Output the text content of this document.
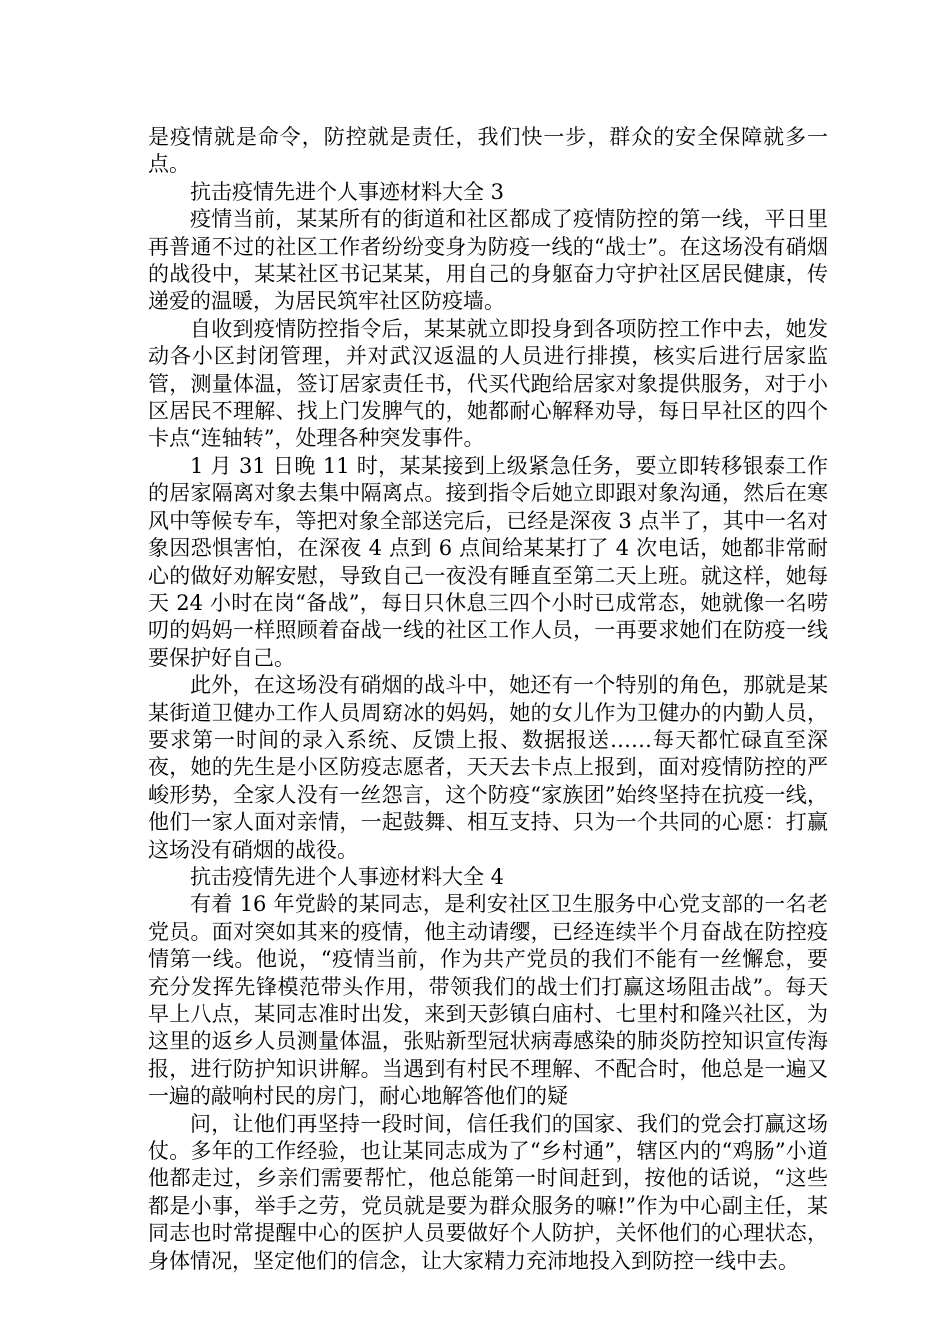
是疫情就是命令，防控就是责任，我们快一步，群众的安全保障就多一点。

抗击疫情先进个人事迹材料大全 3

疫情当前，某某所有的街道和社区都成了疫情防控的第一线，平日里再普通不过的社区工作者纷纷变身为防疫一线的“战士”。在这场没有硝烟的战役中，某某社区书记某某，用自己的身躯奋力守护社区居民健康，传递爱的温暖，为居民筑牢社区防疫墙。

自收到疫情防控指令后，某某就立即投身到各项防控工作中去，她发动各小区封闭管理，并对武汉返温的人员进行排摸，核实后进行居家监管，测量体温，签订居家责任书，代买代跑给居家对象提供服务，对于小区居民不理解、找上门发脾气的，她都耐心解释劝导，每日早社区的四个卡点“连轴转”，处理各种突发事件。

1 月 31 日晚 11 时，某某接到上级紧急任务，要立即转移银泰工作的居家隔离对象去集中隔离点。接到指令后她立即跟对象沟通，然后在寒风中等候专车，等把对象全部送完后，已经是深夜 3 点半了，其中一名对象因恐惧害怕，在深夜 4 点到 6 点间给某某打了 4 次电话，她都非常耐心的做好劝解安慰，导致自己一夜没有睡直至第二天上班。就这样，她每天 24 小时在岗“备战”，每日只休息三四个小时已成常态，她就像一名唠叨的妈妈一样照顾着奋战一线的社区工作人员，一再要求她们在防疫一线要保护好自己。

此外，在这场没有硝烟的战斗中，她还有一个特别的角色，那就是某某街道卫健办工作人员周窈冰的妈妈，她的女儿作为卫健办的内勤人员，要求第一时间的录入系统、反馈上报、数据报送……每天都忙碌直至深夜，她的先生是小区防疫志愿者，天天去卡点上报到，面对疫情防控的严峻形势，全家人没有一丝怨言，这个防疫“家族团”始终坚持在抗疫一线，他们一家人面对亲情，一起鼓舞、相互支持、只为一个共同的心愿：打赢这场没有硝烟的战役。

抗击疫情先进个人事迹材料大全 4

有着 16 年党龄的某同志，是利安社区卫生服务中心党支部的一名老党员。面对突如其来的疫情，他主动请缨，已经连续半个月奋战在防控疫情第一线。他说，“疫情当前，作为共产党员的我们不能有一丝懈怠，要充分发挥先锋模范带头作用，带领我们的战士们打赢这场阻击战”。每天早上八点，某同志准时出发，来到天彭镇白庙村、七里村和隆兴社区，为这里的返乡人员测量体温，张贴新型冠状病毒感染的肺炎防控知识宣传海报，进行防护知识讲解。当遇到有村民不理解、不配合时，他总是一遍又一遍的敲响村民的房门，耐心地解答他们的疑

问，让他们再坚持一段时间，信任我们的国家、我们的党会打赢这场仗。多年的工作经验，也让某同志成为了“乡村通”，辖区内的“鸡肠”小道他都走过，乡亲们需要帮忙，他总能第一时间赶到，按他的话说，“这些都是小事，举手之劳，党员就是要为群众服务的嘛!”作为中心副主任，某同志也时常提醒中心的医护人员要做好个人防护，关怀他们的心理状态，身体情况，坚定他们的信念，让大家精力充沛地投入到防控一线中去。
